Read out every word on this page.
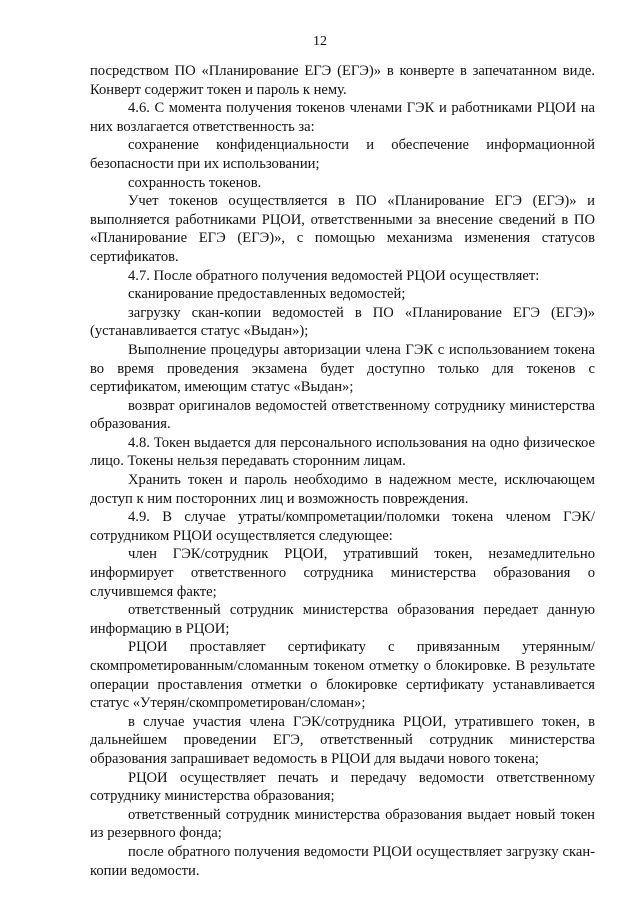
12

посредством ПО «Планирование ЕГЭ (ЕГЭ)» в конверте в запечатанном виде. Конверт содержит токен и пароль к нему.

4.6. С момента получения токенов членами ГЭК и работниками РЦОИ на них возлагается ответственность за:

сохранение конфиденциальности и обеспечение информационной безопасности при их использовании;

сохранность токенов.

Учет токенов осуществляется в ПО «Планирование ЕГЭ (ЕГЭ)» и выполняется работниками РЦОИ, ответственными за внесение сведений в ПО «Планирование ЕГЭ (ЕГЭ)», с помощью механизма изменения статусов сертификатов.

4.7. После обратного получения ведомостей РЦОИ осуществляет:

сканирование предоставленных ведомостей;

загрузку скан-копии ведомостей в ПО «Планирование ЕГЭ (ЕГЭ)» (устанавливается статус «Выдан»);

Выполнение процедуры авторизации члена ГЭК с использованием токена во время проведения экзамена будет доступно только для токенов с сертификатом, имеющим статус «Выдан»;

возврат оригиналов ведомостей ответственному сотруднику министерства образования.

4.8. Токен выдается для персонального использования на одно физическое лицо. Токены нельзя передавать сторонним лицам.

Хранить токен и пароль необходимо в надежном месте, исключающем доступ к ним посторонних лиц и возможность повреждения.

4.9. В случае утраты/компрометации/поломки токена членом ГЭК/сотрудником РЦОИ осуществляется следующее:

член ГЭК/сотрудник РЦОИ, утративший токен, незамедлительно информирует ответственного сотрудника министерства образования о случившемся факте;

ответственный сотрудник министерства образования передает данную информацию в РЦОИ;

РЦОИ проставляет сертификату с привязанным утерянным/ скомпрометированным/сломанным токеном отметку о блокировке. В результате операции проставления отметки о блокировке сертификату устанавливается статус «Утерян/скомпрометирован/сломан»;

в случае участия члена ГЭК/сотрудника РЦОИ, утратившего токен, в дальнейшем проведении ЕГЭ, ответственный сотрудник министерства образования запрашивает ведомость в РЦОИ для выдачи нового токена;

РЦОИ осуществляет печать и передачу ведомости ответственному сотруднику министерства образования;

ответственный сотрудник министерства образования выдает новый токен из резервного фонда;

после обратного получения ведомости РЦОИ осуществляет загрузку скан-копии ведомости.
